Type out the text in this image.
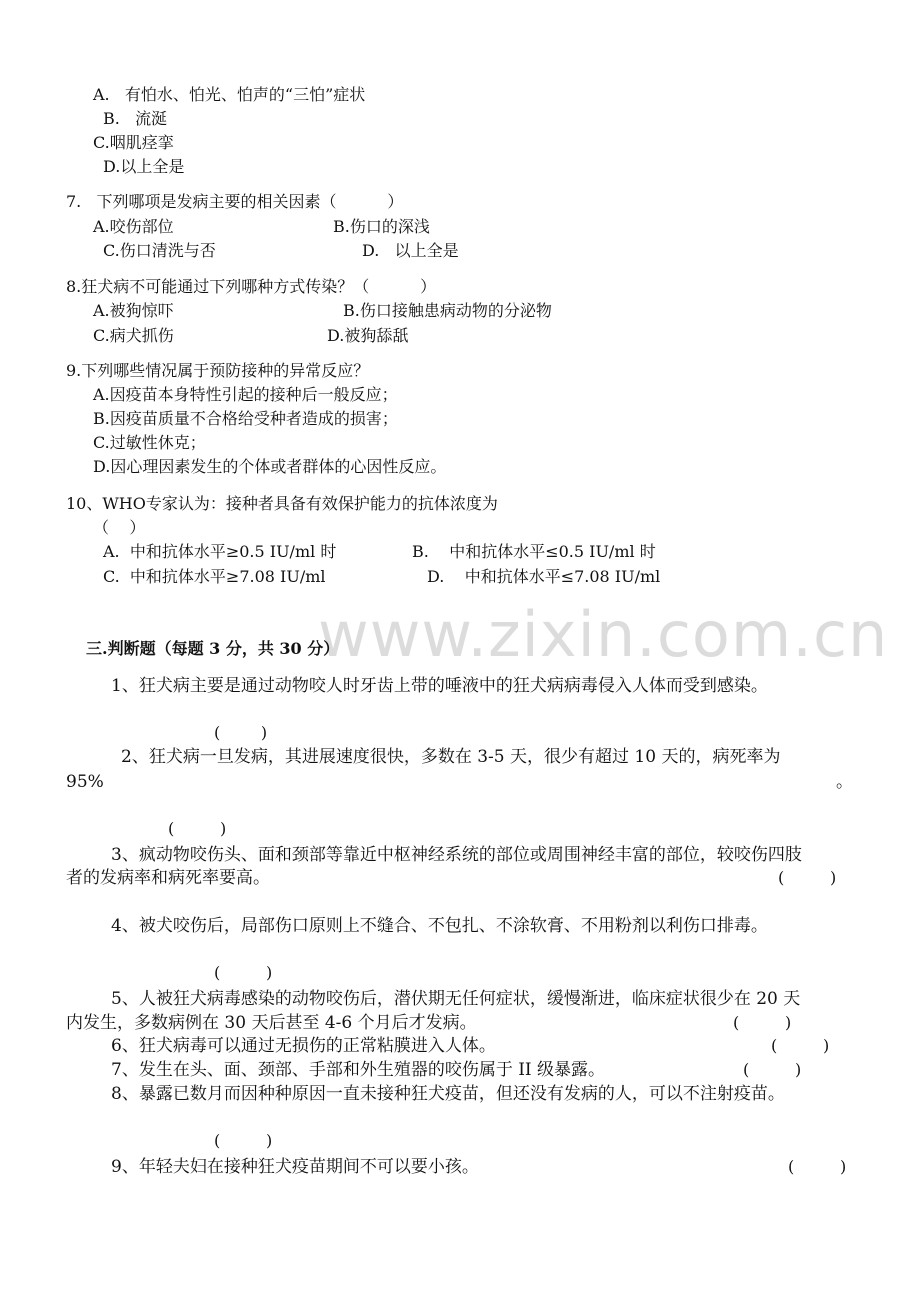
A.   有怕水、怕光、怕声的“三怕”症状
B.   流涎
C.咽肌痉挛
D.以上全是
7.   下列哪项是发病主要的相关因素（          ）
A.咬伤部位	B.伤口的深浅
C.伤口清洗与否	D.   以上全是
8.狂犬病不可能通过下列哪种方式传染？（          ）
A.被狗惊吓	B.伤口接触患病动物的分泌物
C.病犬抓伤	D.被狗舔舐
9.下列哪些情况属于预防接种的异常反应？
A.因疫苗本身特性引起的接种后一般反应；
B.因疫苗质量不合格给受种者造成的损害；
C.过敏性休克；
D.因心理因素发生的个体或者群体的心因性反应。
10、WHO专家认为：接种者具备有效保护能力的抗体浓度为
（    ）
A.  中和抗体水平≥0.5 IU/ml 时	B.    中和抗体水平≤0.5 IU/ml 时
C.  中和抗体水平≥7.08 IU/ml	D.    中和抗体水平≤7.08 IU/ml
www.zixin.com.cn
三.判断题（每题 3 分，共 30 分）
1、狂犬病主要是通过动物咬人时牙齿上带的唾液中的狂犬病病毒侵入人体而受到感染。
(        )
2、狂犬病一旦发病，其进展速度很快，多数在 3-5 天，很少有超过 10 天的，病死率为
95%	。
(         )
3、疯动物咬伤头、面和颈部等靠近中枢神经系统的部位或周围神经丰富的部位，较咬伤四肢
者的发病率和病死率要高。	(         )
4、被犬咬伤后，局部伤口原则上不缝合、不包扎、不涂软膏、不用粉剂以利伤口排毒。
(         )
5、人被狂犬病毒感染的动物咬伤后，潜伏期无任何症状，缓慢渐进，临床症状很少在 20 天
内发生，多数病例在 30 天后甚至 4-6 个月后才发病。	(         )
6、狂犬病毒可以通过无损伤的正常粘膜进入人体。	(         )
7、发生在头、面、颈部、手部和外生殖器的咬伤属于 II 级暴露。	(         )
8、暴露已数月而因种种原因一直未接种狂犬疫苗，但还没有发病的人，可以不注射疫苗。
(         )
9、年轻夫妇在接种狂犬疫苗期间不可以要小孩。	(         )
